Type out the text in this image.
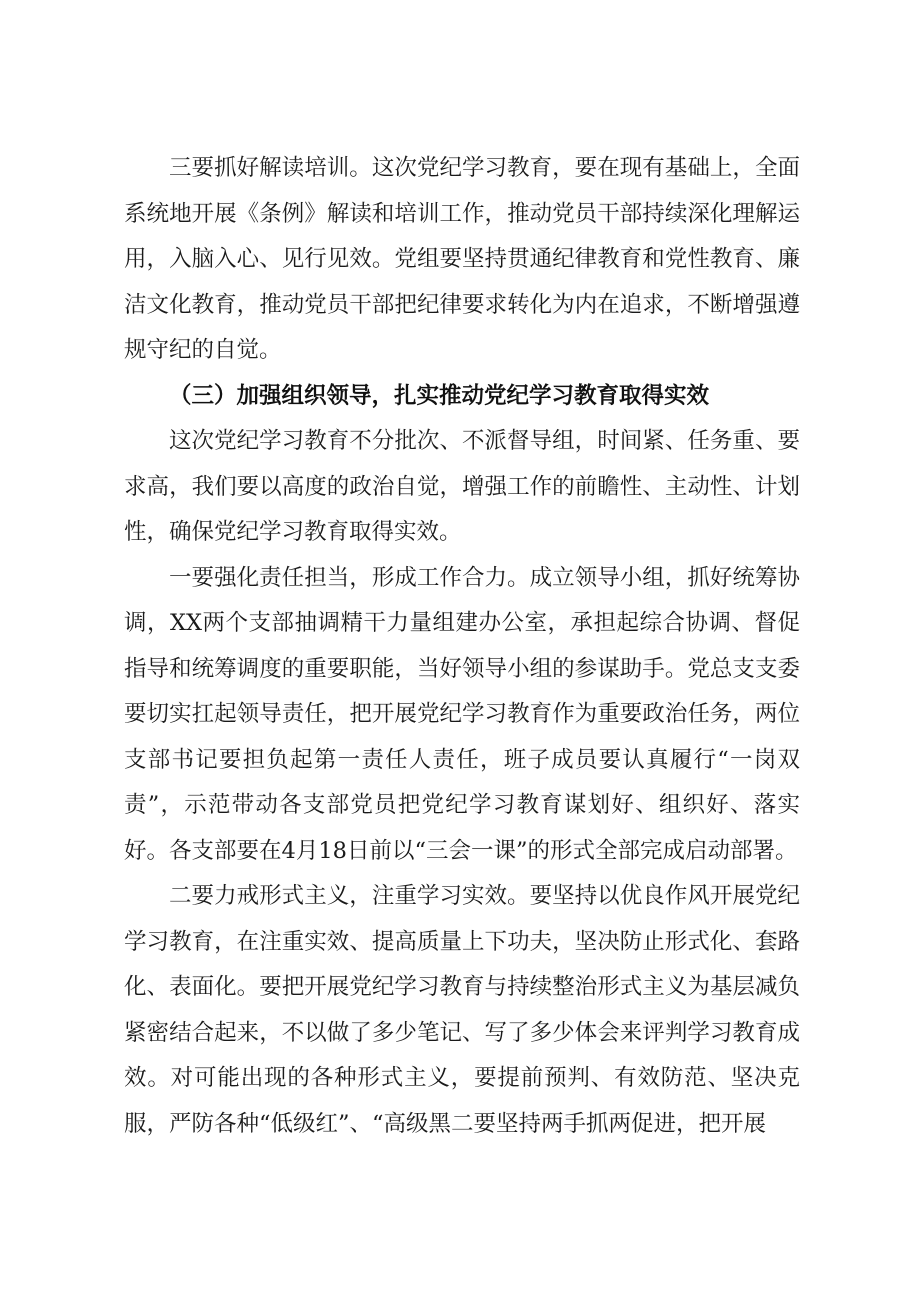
三要抓好解读培训。这次党纪学习教育，要在现有基础上，全面系统地开展《条例》解读和培训工作，推动党员干部持续深化理解运用，入脑入心、见行见效。党组要坚持贯通纪律教育和党性教育、廉洁文化教育，推动党员干部把纪律要求转化为内在追求，不断增强遵规守纪的自觉。

（三）加强组织领导，扎实推动党纪学习教育取得实效

这次党纪学习教育不分批次、不派督导组，时间紧、任务重、要求高，我们要以高度的政治自觉，增强工作的前瞻性、主动性、计划性，确保党纪学习教育取得实效。

一要强化责任担当，形成工作合力。成立领导小组，抓好统筹协调，XX两个支部抽调精干力量组建办公室，承担起综合协调、督促指导和统筹调度的重要职能，当好领导小组的参谋助手。党总支支委要切实扛起领导责任，把开展党纪学习教育作为重要政治任务，两位支部书记要担负起第一责任人责任，班子成员要认真履行“一岗双责”，示范带动各支部党员把党纪学习教育谋划好、组织好、落实好。各支部要在4月18日前以“三会一课”的形式全部完成启动部署。

二要力戒形式主义，注重学习实效。要坚持以优良作风开展党纪学习教育，在注重实效、提高质量上下功夫，坚决防止形式化、套路化、表面化。要把开展党纪学习教育与持续整治形式主义为基层减负紧密结合起来，不以做了多少笔记、写了多少体会来评判学习教育成效。对可能出现的各种形式主义，要提前预判、有效防范、坚决克服，严防各种“低级红”、“高级黑二要坚持两手抓两促进，把开展
